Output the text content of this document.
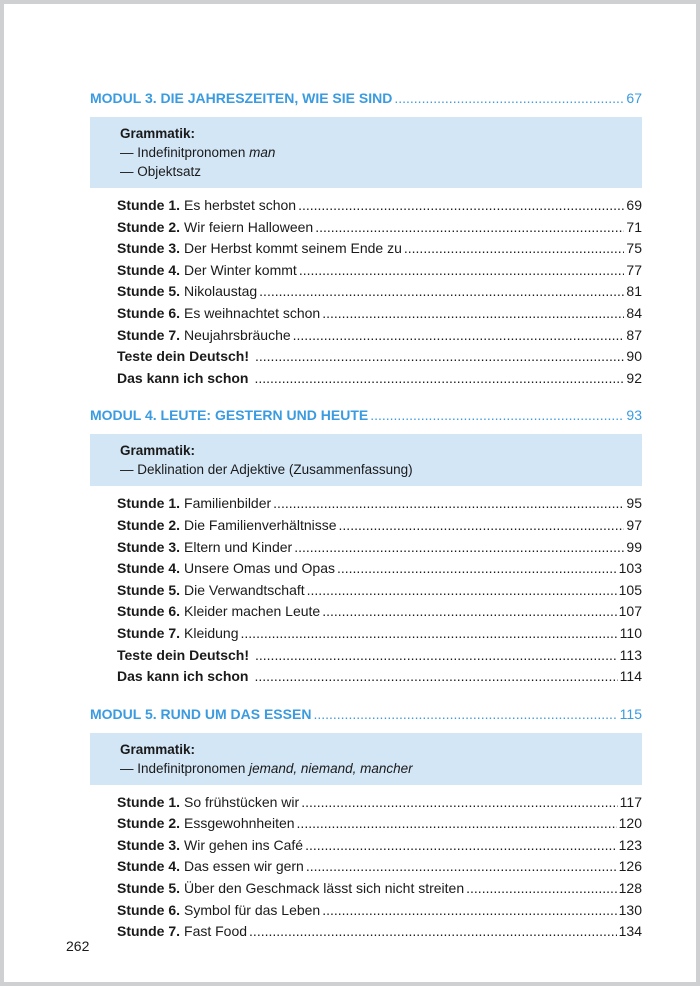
MODUL 3. DIE JAHRESZEITEN, WIE SIE SIND .....	67
Grammatik:
— Indefinitpronomen man
— Objektsatz
Stunde 1. Es herbstet schon .....	69
Stunde 2. Wir feiern Halloween .....	71
Stunde 3. Der Herbst kommt seinem Ende zu .....	75
Stunde 4. Der Winter kommt .....	77
Stunde 5. Nikolaustag .....	81
Stunde 6. Es weihnachtet schon .....	84
Stunde 7. Neujahrsbräuche .....	87
Teste dein Deutsch! .....	90
Das kann ich schon .....	92
MODUL 4. LEUTE: GESTERN UND HEUTE .....	93
Grammatik:
— Deklination der Adjektive (Zusammenfassung)
Stunde 1. Familienbilder .....	95
Stunde 2. Die Familienverhältnisse .....	97
Stunde 3. Eltern und Kinder .....	99
Stunde 4. Unsere Omas und Opas .....	103
Stunde 5. Die Verwandtschaft .....	105
Stunde 6. Kleider machen Leute .....	107
Stunde 7. Kleidung .....	110
Teste dein Deutsch! .....	113
Das kann ich schon .....	114
MODUL 5. RUND UM DAS ESSEN .....	115
Grammatik:
— Indefinitpronomen jemand, niemand, mancher
Stunde 1. So frühstücken wir .....	117
Stunde 2. Essgewohnheiten .....	120
Stunde 3. Wir gehen ins Café .....	123
Stunde 4. Das essen wir gern .....	126
Stunde 5. Über den Geschmack lässt sich nicht streiten .....	128
Stunde 6. Symbol für das Leben .....	130
Stunde 7. Fast Food .....	134
262
